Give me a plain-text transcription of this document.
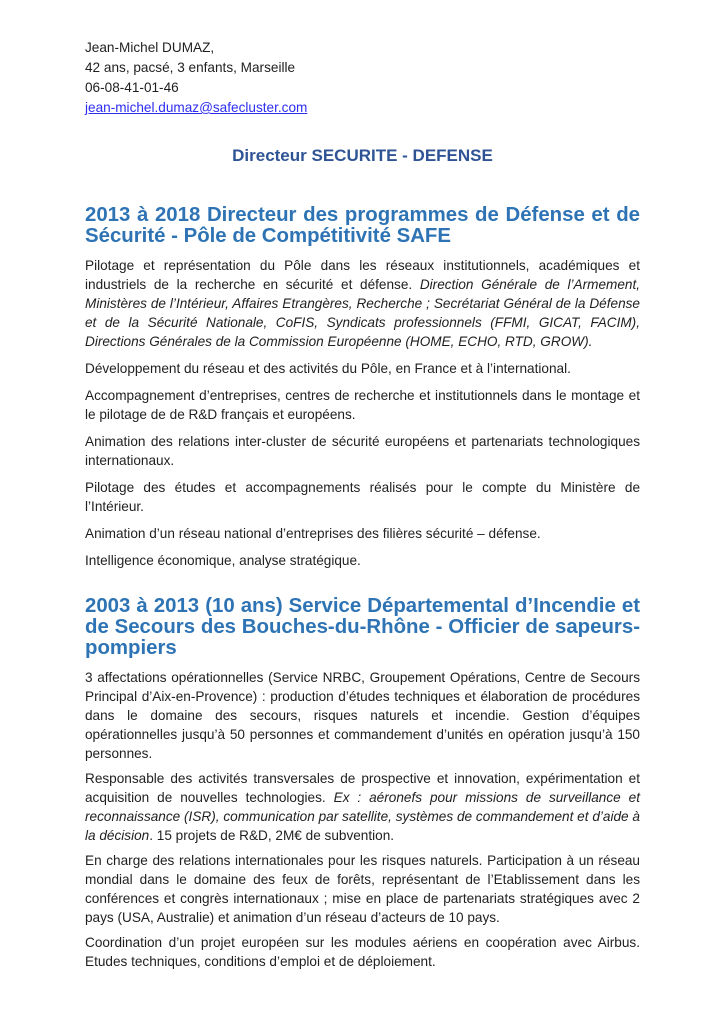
Jean-Michel DUMAZ,

42 ans, pacsé, 3 enfants, Marseille

06-08-41-01-46

jean-michel.dumaz@safecluster.com

Directeur SECURITE - DEFENSE
2013 à 2018 Directeur des programmes de Défense et de Sécurité - Pôle de Compétitivité SAFE

Pilotage et représentation du Pôle dans les réseaux institutionnels, académiques et industriels de la recherche en sécurité et défense. Direction Générale de l’Armement, Ministères de l’Intérieur, Affaires Etrangères, Recherche ; Secrétariat Général de la Défense et de la Sécurité Nationale, CoFIS, Syndicats professionnels (FFMI, GICAT, FACIM), Directions Générales de la Commission Européenne (HOME, ECHO, RTD, GROW).

Développement du réseau et des activités du Pôle, en France et à l’international.

Accompagnement d’entreprises, centres de recherche et institutionnels dans le montage et le pilotage de de R&D français et européens.

Animation des relations inter-cluster de sécurité européens et partenariats technologiques internationaux.

Pilotage des études et accompagnements réalisés pour le compte du Ministère de l’Intérieur.

Animation d’un réseau national d’entreprises des filières sécurité – défense.

Intelligence économique, analyse stratégique.

2003 à 2013 (10 ans) Service Départemental d’Incendie et de Secours des Bouches-du-Rhône - Officier de sapeurs-pompiers

3 affectations opérationnelles (Service NRBC, Groupement Opérations, Centre de Secours Principal d’Aix-en-Provence) : production d’études techniques et élaboration de procédures dans le domaine des secours, risques naturels et incendie. Gestion d’équipes opérationnelles jusqu’à 50 personnes et commandement d’unités en opération jusqu’à 150 personnes.

Responsable des activités transversales de prospective et innovation, expérimentation et acquisition de nouvelles technologies. Ex : aéronefs pour missions de surveillance et reconnaissance (ISR), communication par satellite, systèmes de commandement et d’aide à la décision. 15 projets de R&D, 2M€ de subvention.

En charge des relations internationales pour les risques naturels. Participation à un réseau mondial dans le domaine des feux de forêts, représentant de l’Etablissement dans les conférences et congrès internationaux ; mise en place de partenariats stratégiques avec 2 pays (USA, Australie) et animation d’un réseau d’acteurs de 10 pays.

Coordination d’un projet européen sur les modules aériens en coopération avec Airbus. Etudes techniques, conditions d’emploi et de déploiement.
